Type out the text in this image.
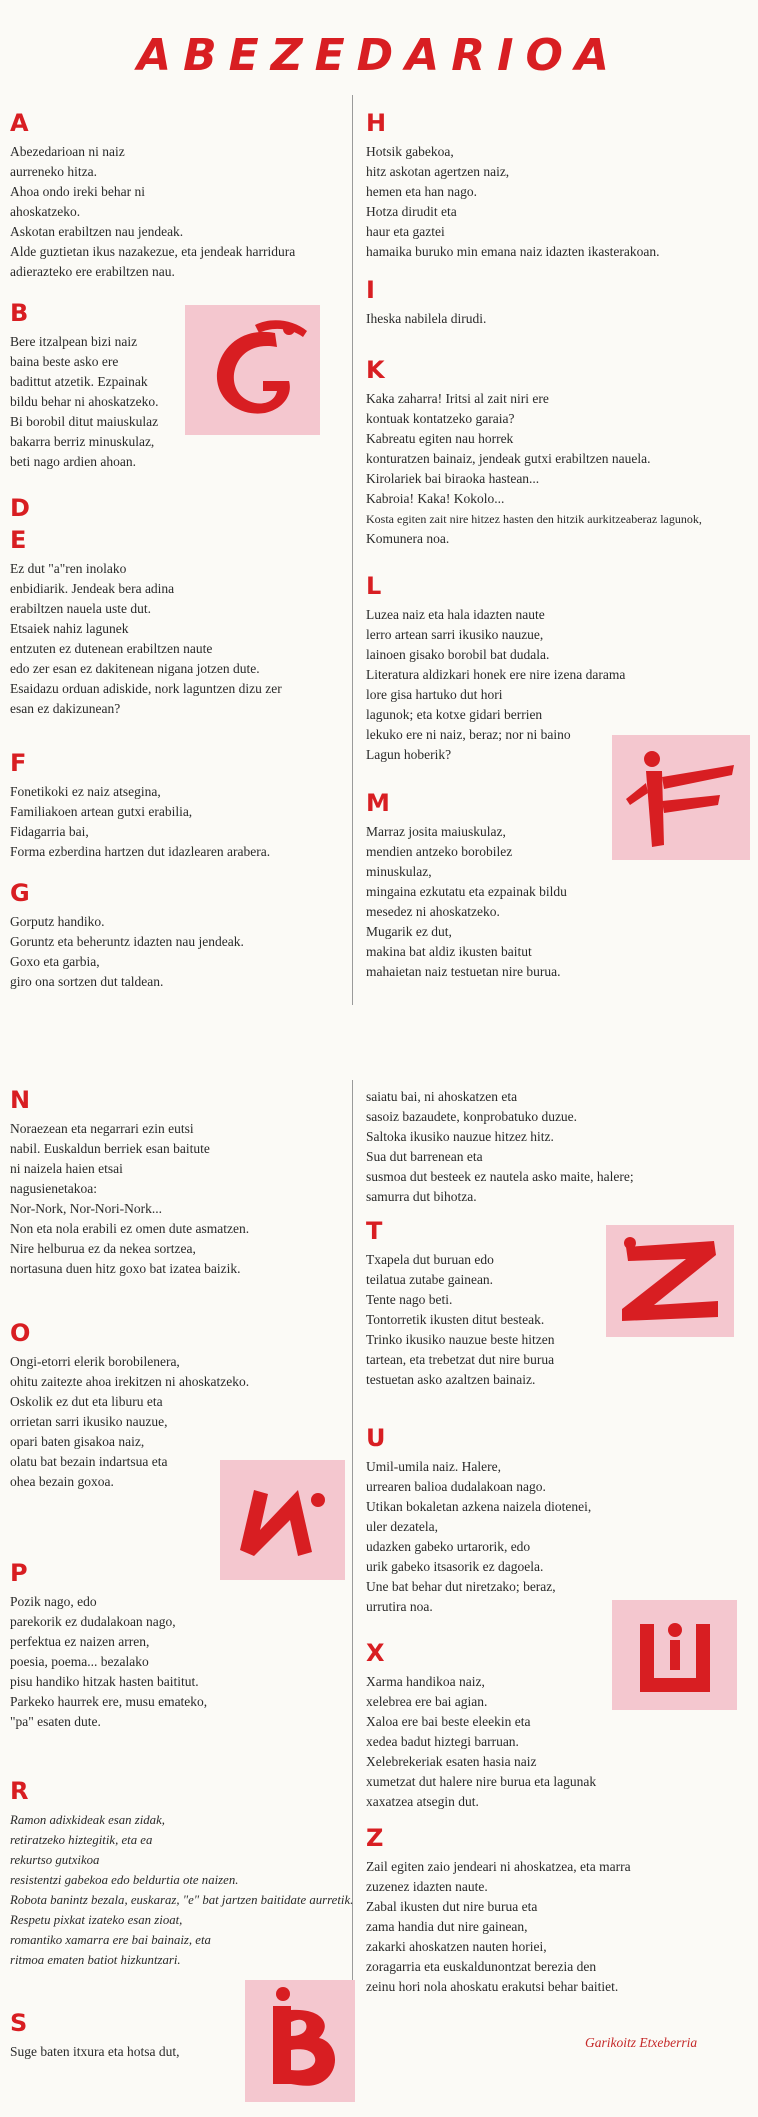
ABEZEDARIOA
A
Abezedarioan ni naiz
aurreneko hitza.
Ahoa ondo ireki behar ni
ahoskatzeko.
Askotan erabiltzen nau jendeak.
Alde guztietan ikus nazakezue, eta jendeak harridura
adierazteko ere erabiltzen nau.
B
Bere itzalpean bizi naiz
baina beste asko ere
badittut atzetik. Ezpainak
bildu behar ni ahoskatzeko.
Bi borobil ditut maiuskulaz
bakarra berriz minuskulaz,
beti nago ardien ahoan.
D
E
Ez dut "a"ren inolako
enbidiarik. Jendeak bera adina
erabiltzen nauela uste dut.
Etsaiek nahiz lagunek
entzuten ez dutenean erabiltzen naute
edo zer esan ez dakitenean nigana jotzen dute.
Esaidazu orduan adiskide, nork laguntzen dizu zer
esan ez dakizunean?
F
Fonetikoki ez naiz atsegina,
Familiakoen artean gutxi erabilia,
Fidagarria bai,
Forma ezberdina hartzen dut idazlearen arabera.
G
Gorputz handiko.
Goruntz eta beheruntz idazten nau jendeak.
Goxo eta garbia,
giro ona sortzen dut taldean.
H
Hotsik gabekoa,
hitz askotan agertzen naiz,
hemen eta han nago.
Hotza dirudit eta
haur eta gaztei
hamaika buruko min emana naiz idazten ikasterakoan.
I
Iheska nabilela dirudi.
K
Kaka zaharra! Iritsi al zait niri ere
kontuak kontatzeko garaia?
Kabreatu egiten nau horrek
konturatzen bainaiz, jendeak gutxi erabiltzen nauela.
Kirolariek bai biraoka hastean...
Kabroia! Kaka! Kokolo...
Kosta egiten zait nire hitzez hasten den hitzik aurkitzeaberaz lagunok,
Komunera noa.
L
Luzea naiz eta hala idazten naute
lerro artean sarri ikusiko nauzue,
lainoen gisako borobil bat dudala.
Literatura aldizkari honek ere nire izena darama
lore gisa hartuko dut hori
lagunok; eta kotxe gidari berrien
lekuko ere ni naiz, beraz; nor ni baino
Lagun hoberik?
M
Marraz josita maiuskulaz,
mendien antzeko borobilez
minuskulaz,
mingaina ezkutatu eta ezpainak bildu
mesedez ni ahoskatzeko.
Mugarik ez dut,
makina bat aldiz ikusten baitut
mahaietan naiz testuetan nire burua.
N
Noraezean eta negarrari ezin eutsi
nabil. Euskaldun berriek esan baitute
ni naizela haien etsai
nagusienetakoa:
Nor-Nork, Nor-Nori-Nork...
Non eta nola erabili ez omen dute asmatzen.
Nire helburua ez da nekea sortzea,
nortasuna duen hitz goxo bat izatea baizik.
O
Ongi-etorri elerik borobilenera,
ohitu zaitezte ahoa irekitzen ni ahoskatzeko.
Oskolik ez dut eta liburu eta
orrietan sarri ikusiko nauzue,
opari baten gisakoa naiz,
olatu bat bezain indartsua eta
ohea bezain goxoa.
P
Pozik nago, edo
parekorik ez dudalakoan nago,
perfektua ez naizen arren,
poesia, poema... bezalako
pisu handiko hitzak hasten baititut.
Parkeko haurrek ere, musu emateko,
"pa" esaten dute.
R
Ramon adixkideak esan zidak,
retiratzeko hiztegitik, eta ea
rekurtso gutxikoa
resistentzi gabekoa edo beldurtia ote naizen.
Robota banintz bezala, euskaraz, "e" bat jartzen baitidate aurretik.
Respetu pixkat izateko esan zioat,
romantiko xamarra ere bai bainaiz, eta
ritmoa ematen batiot hizkuntzari.
S
Suge baten itxura eta hotsa dut,
saiatu bai, ni ahoskatzen eta
sasoiz bazaudete, konprobatuko duzue.
Saltoka ikusiko nauzue hitzez hitz.
Sua dut barrenean eta
susmoa dut besteek ez nautela asko maite, halere;
samurra dut bihotza.
T
Txapela dut buruan edo
teilatua zutabe gainean.
Tente nago beti.
Tontorretik ikusten ditut besteak.
Trinko ikusiko nauzue beste hitzen
tartean, eta trebetzat dut nire burua
testuetan asko azaltzen bainaiz.
U
Umil-umila naiz. Halere,
urrearen balioa dudalakoan nago.
Utikan bokaletan azkena naizela diotenei,
uler dezatela,
udazken gabeko urtarorik, edo
urik gabeko itsasorik ez dagoela.
Une bat behar dut niretzako; beraz,
urrutira noa.
X
Xarma handikoa naiz,
xelebrea ere bai agian.
Xaloa ere bai beste eleekin eta
xedea badut hiztegi barruan.
Xelebrekeriak esaten hasia naiz
xumetzat dut halere nire burua eta lagunak
xaxatzea atsegin dut.
Z
Zail egiten zaio jendeari ni ahoskatzea, eta marra
zuzenez idazten naute.
Zabal ikusten dut nire burua eta
zama handia dut nire gainean,
zakarki ahoskatzen nauten horiei,
zoragarria eta euskaldunontzat berezia den
zeinu hori nola ahoskatu erakutsi behar baitiet.
Garikoitz Etxeberria
